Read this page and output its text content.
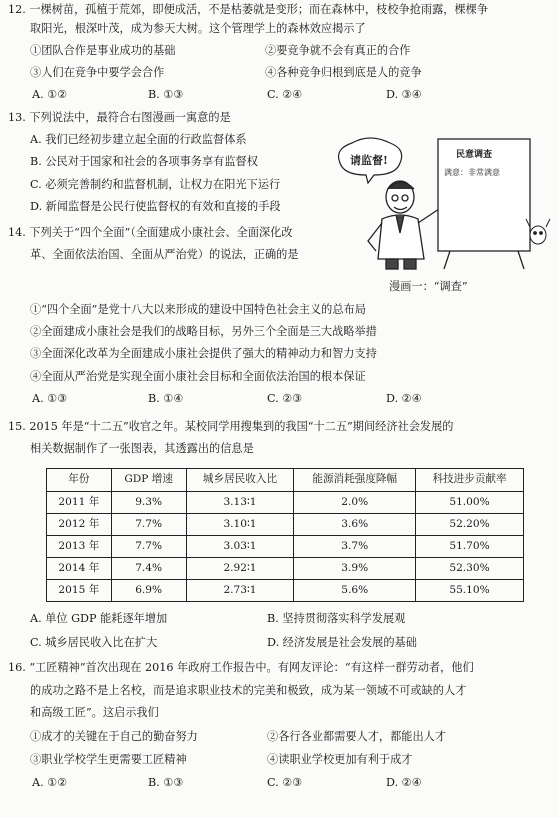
12. 一棵树苗，孤植于荒郊，即便成活，不是枯萎就是变形；而在森林中，枝校争抢雨露，棵棵争
取阳光，根深叶茂，成为参天大树。这个管理学上的森林效应揭示了
①团队合作是事业成功的基础	②要竞争就不会有真正的合作
③人们在竞争中要学会合作	④各种竞争归根到底是人的竞争
A. ①②	B. ①③	C. ②④	D. ③④
13. 下列说法中，最符合右图漫画一寓意的是
A. 我们已经初步建立起全面的行政监督体系
B. 公民对于国家和社会的各项事务享有监督权
C. 必须完善制约和监督机制，让权力在阳光下运行
D. 新闻监督是公民行使监督权的有效和直接的手段
请监督!	民意调查
满意：非常满意
漫画一：“调查”
14. 下列关于“四个全面”（全面建成小康社会、全面深化改
革、全面依法治国、全面从严治党）的说法，正确的是
①“四个全面”是党十八大以来形成的建设中国特色社会主义的总布局
②全面建成小康社会是我们的战略目标，另外三个全面是三大战略举措
③全面深化改革为全面建成小康社会提供了强大的精神动力和智力支持
④全面从严治党是实现全面小康社会目标和全面依法治国的根本保证
A. ①③	B. ①④	C. ②③	D. ②④
15. 2015 年是“十二五”收官之年。某校同学用搜集到的我国“十二五”期间经济社会发展的
相关数据制作了一张图表，其透露出的信息是
年份	GDP 增速	城乡居民收入比	能源消耗强度降幅	科技进步贡献率
2011 年	9.3%	3.13∶1	2.0%	51.00%
2012 年	7.7%	3.10∶1	3.6%	52.20%
2013 年	7.7%	3.03∶1	3.7%	51.70%
2014 年	7.4%	2.92∶1	3.9%	52.30%
2015 年	6.9%	2.73∶1	5.6%	55.10%
A. 单位 GDP 能耗逐年增加	B. 坚持贯彻落实科学发展观
C. 城乡居民收入比在扩大	D. 经济发展是社会发展的基础
16. “工匠精神”首次出现在 2016 年政府工作报告中。有网友评论：“有这样一群劳动者，他们
的成功之路不是上名校，而是追求职业技术的完美和极致，成为某一领域不可或缺的人才
和高级工匠”。这启示我们
①成才的关键在于自己的勤奋努力	②各行各业都需要人才，都能出人才
③职业学校学生更需要工匠精神	④读职业学校更加有利于成才
A. ①②	B. ①③	C. ②③	D. ②④
